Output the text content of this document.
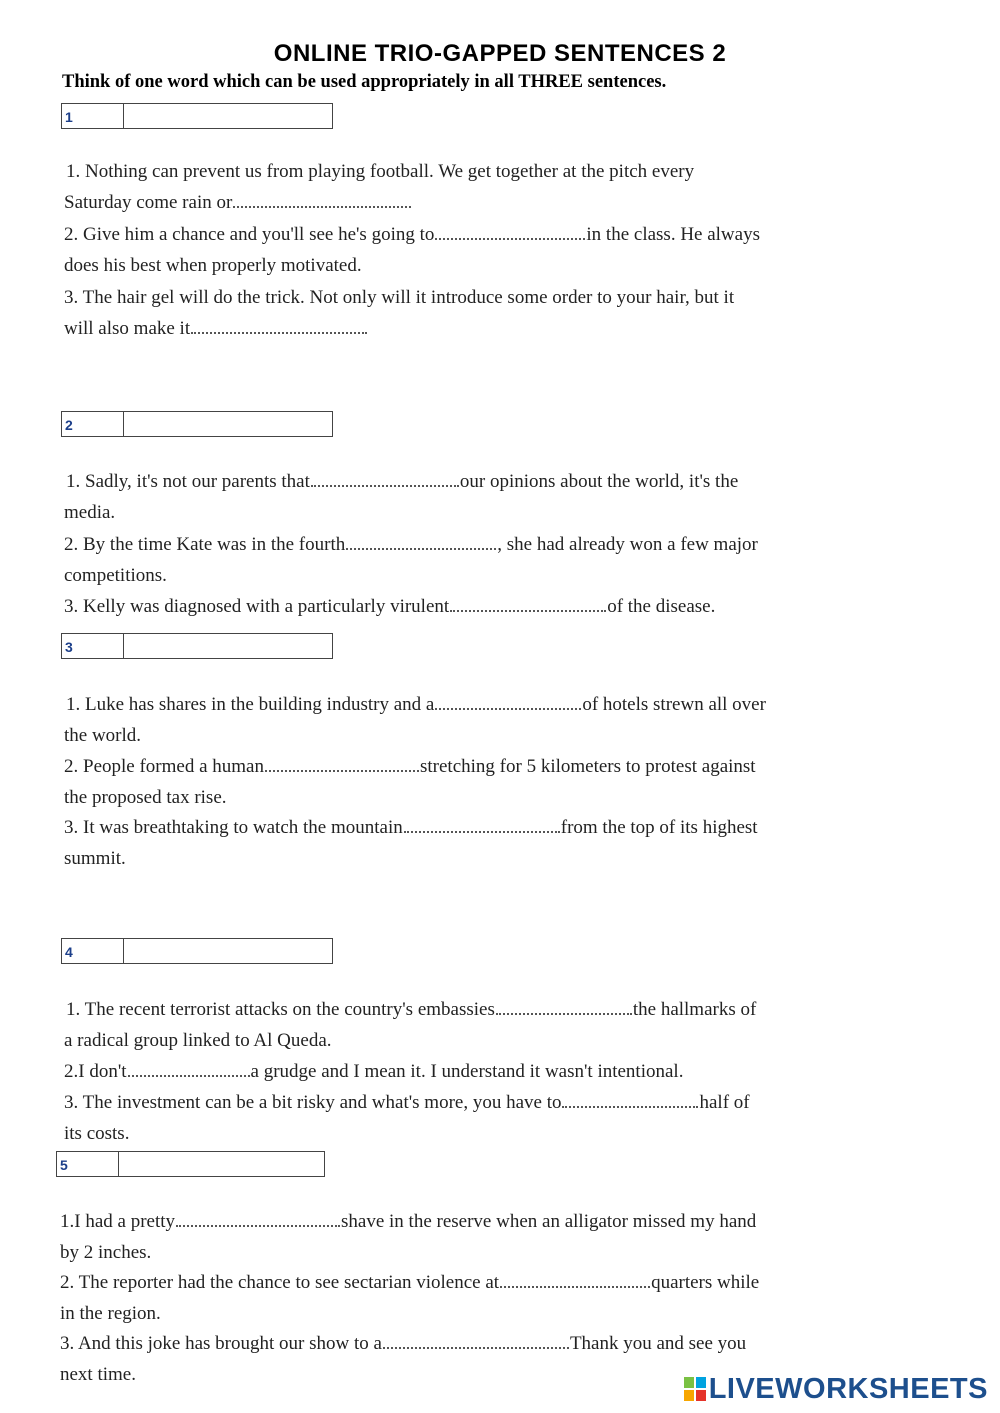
ONLINE TRIO-GAPPED SENTENCES 2
Think of one word which can be used appropriately in all THREE sentences.
1
1. Nothing can prevent us from playing football. We get together at the pitch every
Saturday come rain or
2. Give him a chance and you'll see he's going to	in the class. He always
does his best when properly motivated.
3. The hair gel will do the trick. Not only will it introduce some order to your hair, but it
will also make it
2
1. Sadly, it's not our parents that	our opinions about the world, it's the
media.
2. By the time Kate was in the fourth	, she had already won a few major
competitions.
3. Kelly was diagnosed with a particularly virulent	of the disease.
3
1. Luke has shares in the building industry and a	of hotels strewn all over
the world.
2. People formed a human	stretching for 5 kilometers to protest against
the proposed tax rise.
3. It was breathtaking to watch the mountain	from the top of its highest
summit.
4
1. The recent terrorist attacks on the country's embassies	the hallmarks of
a radical group linked to Al Queda.
2.I don't	a grudge and I mean it. I understand it wasn't intentional.
3. The investment can be a bit risky and what's more, you have to	half of
its costs.
5
1.I had a pretty	shave in the reserve when an alligator missed my hand
by 2 inches.
2. The reporter had the chance to see sectarian violence at	quarters while
in the region.
3. And this joke has brought our show to a	Thank you and see you
next time.	LIVEWORKSHEETS
